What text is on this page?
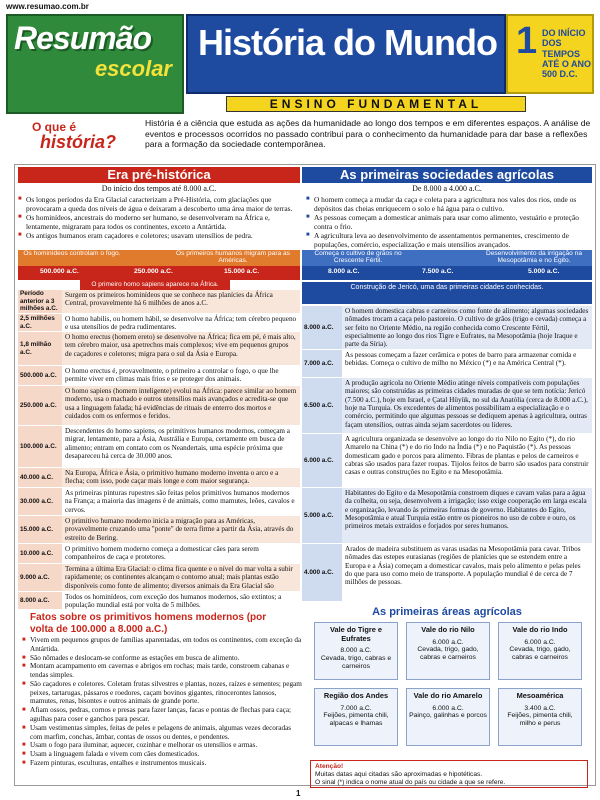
www.resumao.com.br
Resumão
escolar
História do Mundo 1 DO INÍCIO DOS TEMPOS ATÉ O ANO 500 D.C.
ENSINO FUNDAMENTAL
O que é
história?
História é a ciência que estuda as ações da humanidade ao longo dos tempos e em diferentes espaços. A análise de eventos e processos ocorridos no passado contribui para o conhecimento da humanidade para dar base a reflexões para a formação da sociedade contemporânea.
Era pré-histórica
Do início dos tempos até 8.000 a.C.

■ Os longos períodos da Era Glacial caracterizam a Pré-História, com glaciações que provocaram a queda dos níveis de água e deixaram a descoberto uma área maior de terras.

■ Os hominídeos, ancestrais do moderno ser humano, se desenvolveram na África e, lentamente, migraram para todos os continentes, exceto a Antártida.

■ Os antigos humanos eram caçadores e coletores; usavam utensílios de pedra.

Os hominídeos controlam o fogo.	Os primeiros humanos migram para as Américas.
500.000 a.C.	250.000 a.C.	15.000 a.C.
Começa o cultivo de grãos no Crescente Fértil.
Desenvolvimento da irrigação na Mesopotâmia e no Egito.
8.000 a.C.	7.500 a.C.	5.000 a.C.
O primeiro homo sapiens aparece na África.	Construção de Jericó, uma das primeiras cidades conhecidas.
Período anterior a 3 milhões a.C.
Surgem os primeiros hominídeos que se conhece nas planícies da África Central, provavelmente há 6 milhões de anos a.C.
2,5 milhões a.C.
O homo habilis, ou homem hábil, se desenvolve na África; tem cérebro pequeno e usa utensílios de pedra rudimentares.
1,8 milhão a.C.
O homo erectus (homem ereto) se desenvolve na África; fica em pé, é mais alto, tem cérebro maior, usa apetrechos mais complexos; vive em pequenos grupos de caçadores e coletores; migra para o sul da Ásia e Europa.
500.000 a.C.
O homo erectus é, provavelmente, o primeiro a controlar o fogo, o que lhe permite viver em climas mais frios e se proteger dos animais.
250.000 a.C.
O homo sapiens (homem inteligente) evolui na África: parece similar ao homem moderno, usa o machado e outros utensílios mais avançados e acredita-se que usa a linguagem falada; há evidências de rituais de enterro dos mortos e cuidados com os enfermos e feridos.
100.000 a.C.
Descendentes do homo sapiens, os primitivos humanos modernos, começam a migrar, lentamente, para a Ásia, Austrália e Europa, certamente em busca de alimento; entram em contato com os Neandertais, uma espécie próxima que desapareceu há cerca de 30.000 anos.
40.000 a.C.
Na Europa, África e Ásia, o primitivo humano moderno inventa o arco e a flecha; com isso, pode caçar mais longe e com maior segurança.
30.000 a.C.
As primeiras pinturas rupestres são feitas pelos primitivos humanos modernos na França; a maioria das imagens é de animais, como mamutes, leões, cavalos e cervos.
15.000 a.C.
O primitivo humano moderno inicia a migração para as Américas, provavelmente cruzando uma "ponte" de terra firme a partir da Ásia, através do estreito de Bering.
10.000 a.C.
O primitivo homem moderno começa a domesticar cães para serem companheiros de caça e protetores.
9.000 a.C.
Termina a última Era Glacial: o clima fica quente e o nível do mar volta a subir rapidamente; os continentes alcançam o contorno atual; mais plantas estão disponíveis como fonte de alimento; diversos animais da Era Glacial são
8.000 a.C.	Todos os hominídeos, com exceção dos humanos modernos, são extintos; a população mundial está por volta de 5 milhões.
Fatos sobre os primitivos homens modernos (por volta de 100.000 a 8.000 a.C.)

■ Vivem em pequenos grupos de famílias aparentadas, em todos os continentes, com exceção da Antártida.

■ São nômades e deslocam-se conforme as estações em busca de alimento.

■ Montam acampamento em cavernas e abrigos em rochas; mais tarde, constroem cabanas e tendas simples.

■ São caçadores e coletores. Coletam frutas silvestres e plantas, nozes, raízes e sementes; pegam peixes, tartarugas, pássaros e roedores, caçam bovinos gigantes, rinocerontes lanosos, mamutes, renas, bisontes e outros animais de grande porte.

■ Afiam ossos, pedras, cornos e presas para fazer lanças, facas e pontas de flechas para caça; agulhas para coser e ganchos para pescar.

■ Usam vestimentas simples, feitas de peles e pelagens de animais, algumas vezes decoradas com marfim, conchas, âmbar, contas de ossos ou dentes, e pendentes.

■ Usam o fogo para iluminar, aquecer, cozinhar e melhorar os utensílios e armas.

■ Usam a linguagem falada e vivem com cães domesticados.

■ Fazem pinturas, esculturas, entalhes e instrumentos musicais.

As primeiras sociedades agrícolas
De 8.000 a 4.000 a.C.

■ O homem começa a mudar da caça e coleta para a agricultura nos vales dos rios, onde os depósitos das cheias enriquecem o solo e há água para o cultivo.

■ As pessoas começam a domesticar animais para usar como alimento, vestuário e proteção contra o frio.

■ A agricultura leva ao desenvolvimento de assentamentos permanentes, crescimento de populações, comércio, especialização e mais utensílios avançados.

8.000 a.C.
O homem domestica cabras e carneiros como fonte de alimento; algumas sociedades nômades trocam a caça pelo pastoreio. O cultivo de grãos (trigo e cevada) começa a ser feito no Oriente Médio, na região conhecida como Crescente Fértil, especialmente ao longo dos rios Tigre e Eufrates, na Mesopotâmia (hoje Iraque e parte da Síria).
7.000 a.C.
As pessoas começam a fazer cerâmica e potes de barro para armazenar comida e bebidas. Começa o cultivo de milho no México (*) e na América Central (*).
6.500 a.C.
A produção agrícola no Oriente Médio atinge níveis compatíveis com populações maiores; são construídas as primeiras cidades muradas de que se tem notícia: Jericó (7.500 a.C.), hoje em Israel, e Çatal Hüyük, no sul da Anatólia (cerca de 8.000 a.C.), hoje na Turquia. Os excedentes de alimentos possibilitam a especialização e o comércio, permitindo que algumas pessoas se dediquem apenas à agricultura, outras façam utensílios, outras ainda sejam sacerdotes ou líderes.
6.000 a.C.
A agricultura organizada se desenvolve ao longo do rio Nilo no Egito (*), do rio Amarelo na China (*) e do rio Indo na Índia (*) e no Paquistão (*). As pessoas domesticam gado e porcos para alimento. Fibras de plantas e pelos de carneiros e cabras são usados para fazer roupas. Tijolos feitos de barro são usados para construir casas e outras construções no Egito e na Mesopotâmia.
5.000 a.C.
Habitantes do Egito e da Mesopotâmia constroem diques e cavam valas para a água da colheita, ou seja, desenvolvem a irrigação; isso exige cooperação em larga escala e organização, levando às primeiras formas de governo. Habitantes do Egito, Mesopotâmia e atual Turquia estão entre os pioneiros no uso de cobre e ouro, os primeiros metais extraídos e forjados por seres humanos.
4.000 a.C.
Arados de madeira substituem as varas usadas na Mesopotâmia para cavar. Tribos nômades das estepes eurasianas (regiões de planícies que se estendem entre a Europa e a Ásia) começam a domesticar cavalos, mais pelo alimento e pelas peles do que para uso como meio de transporte. A população mundial é de cerca de 7 milhões de pessoas.
As primeiras áreas agrícolas
Vale do Tigre e Eufrates
8.000 a.C.
Cevada, trigo, cabras e carneiros
Vale do rio Nilo
6.000 a.C.
Cevada, trigo, gado, cabras e carneiros
Vale do rio Indo
6.000 a.C.
Cevada, trigo, gado, cabras e carneiros
Região dos Andes
7.000 a.C.
Feijões, pimenta chili, alpacas e lhamas
Vale do rio Amarelo
6.000 a.C.
Painço, galinhas e porcos
Mesoamérica
3.400 a.C.
Feijões, pimenta chili, milho e perus
Atenção!
Muitas datas aqui citadas são aproximadas e hipotéticas.
O sinal (*) indica o nome atual do país ou cidade a que se refere.
1
